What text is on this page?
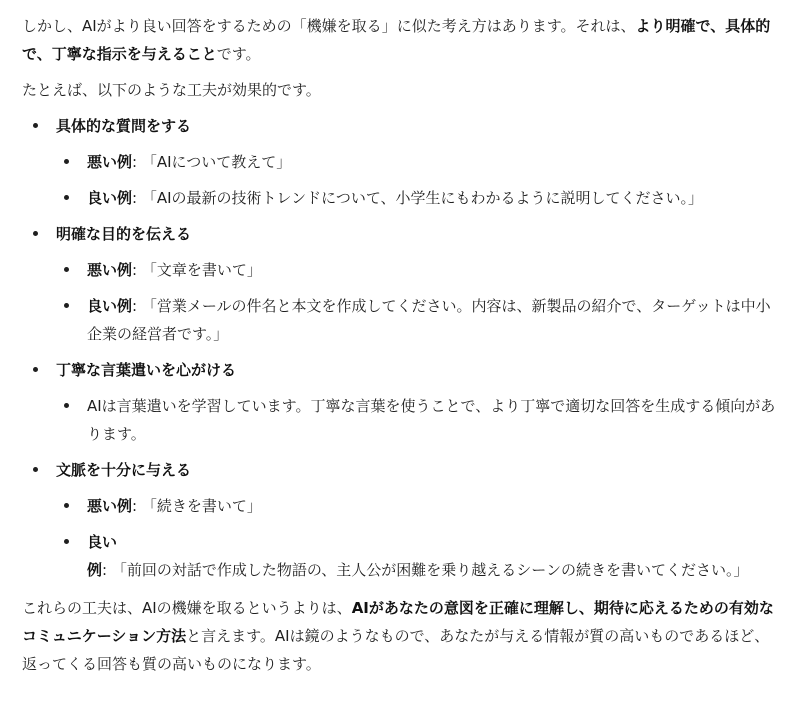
しかし、AIがより良い回答をするための「機嫌を取る」に似た考え方はあります。それは、より明確で、具体的で、丁寧な指示を与えることです。

たとえば、以下のような工夫が効果的です。

具体的な質問をする
悪い例: 「AIについて教えて」
良い例: 「AIの最新の技術トレンドについて、小学生にもわかるように説明してください。」
明確な目的を伝える
悪い例: 「文章を書いて」
良い例: 「営業メールの件名と本文を作成してください。内容は、新製品の紹介で、ターゲットは中小企業の経営者です。」
丁寧な言葉遣いを心がける
AIは言葉遣いを学習しています。丁寧な言葉を使うことで、より丁寧で適切な回答を生成する傾向があります。
文脈を十分に与える
悪い例: 「続きを書いて」
良い例: 「前回の対話で作成した物語の、主人公が困難を乗り越えるシーンの続きを書いてください。」

これらの工夫は、AIの機嫌を取るというよりは、AIがあなたの意図を正確に理解し、期待に応えるための有効なコミュニケーション方法と言えます。AIは鏡のようなもので、あなたが与える情報が質の高いものであるほど、返ってくる回答も質の高いものになります。
